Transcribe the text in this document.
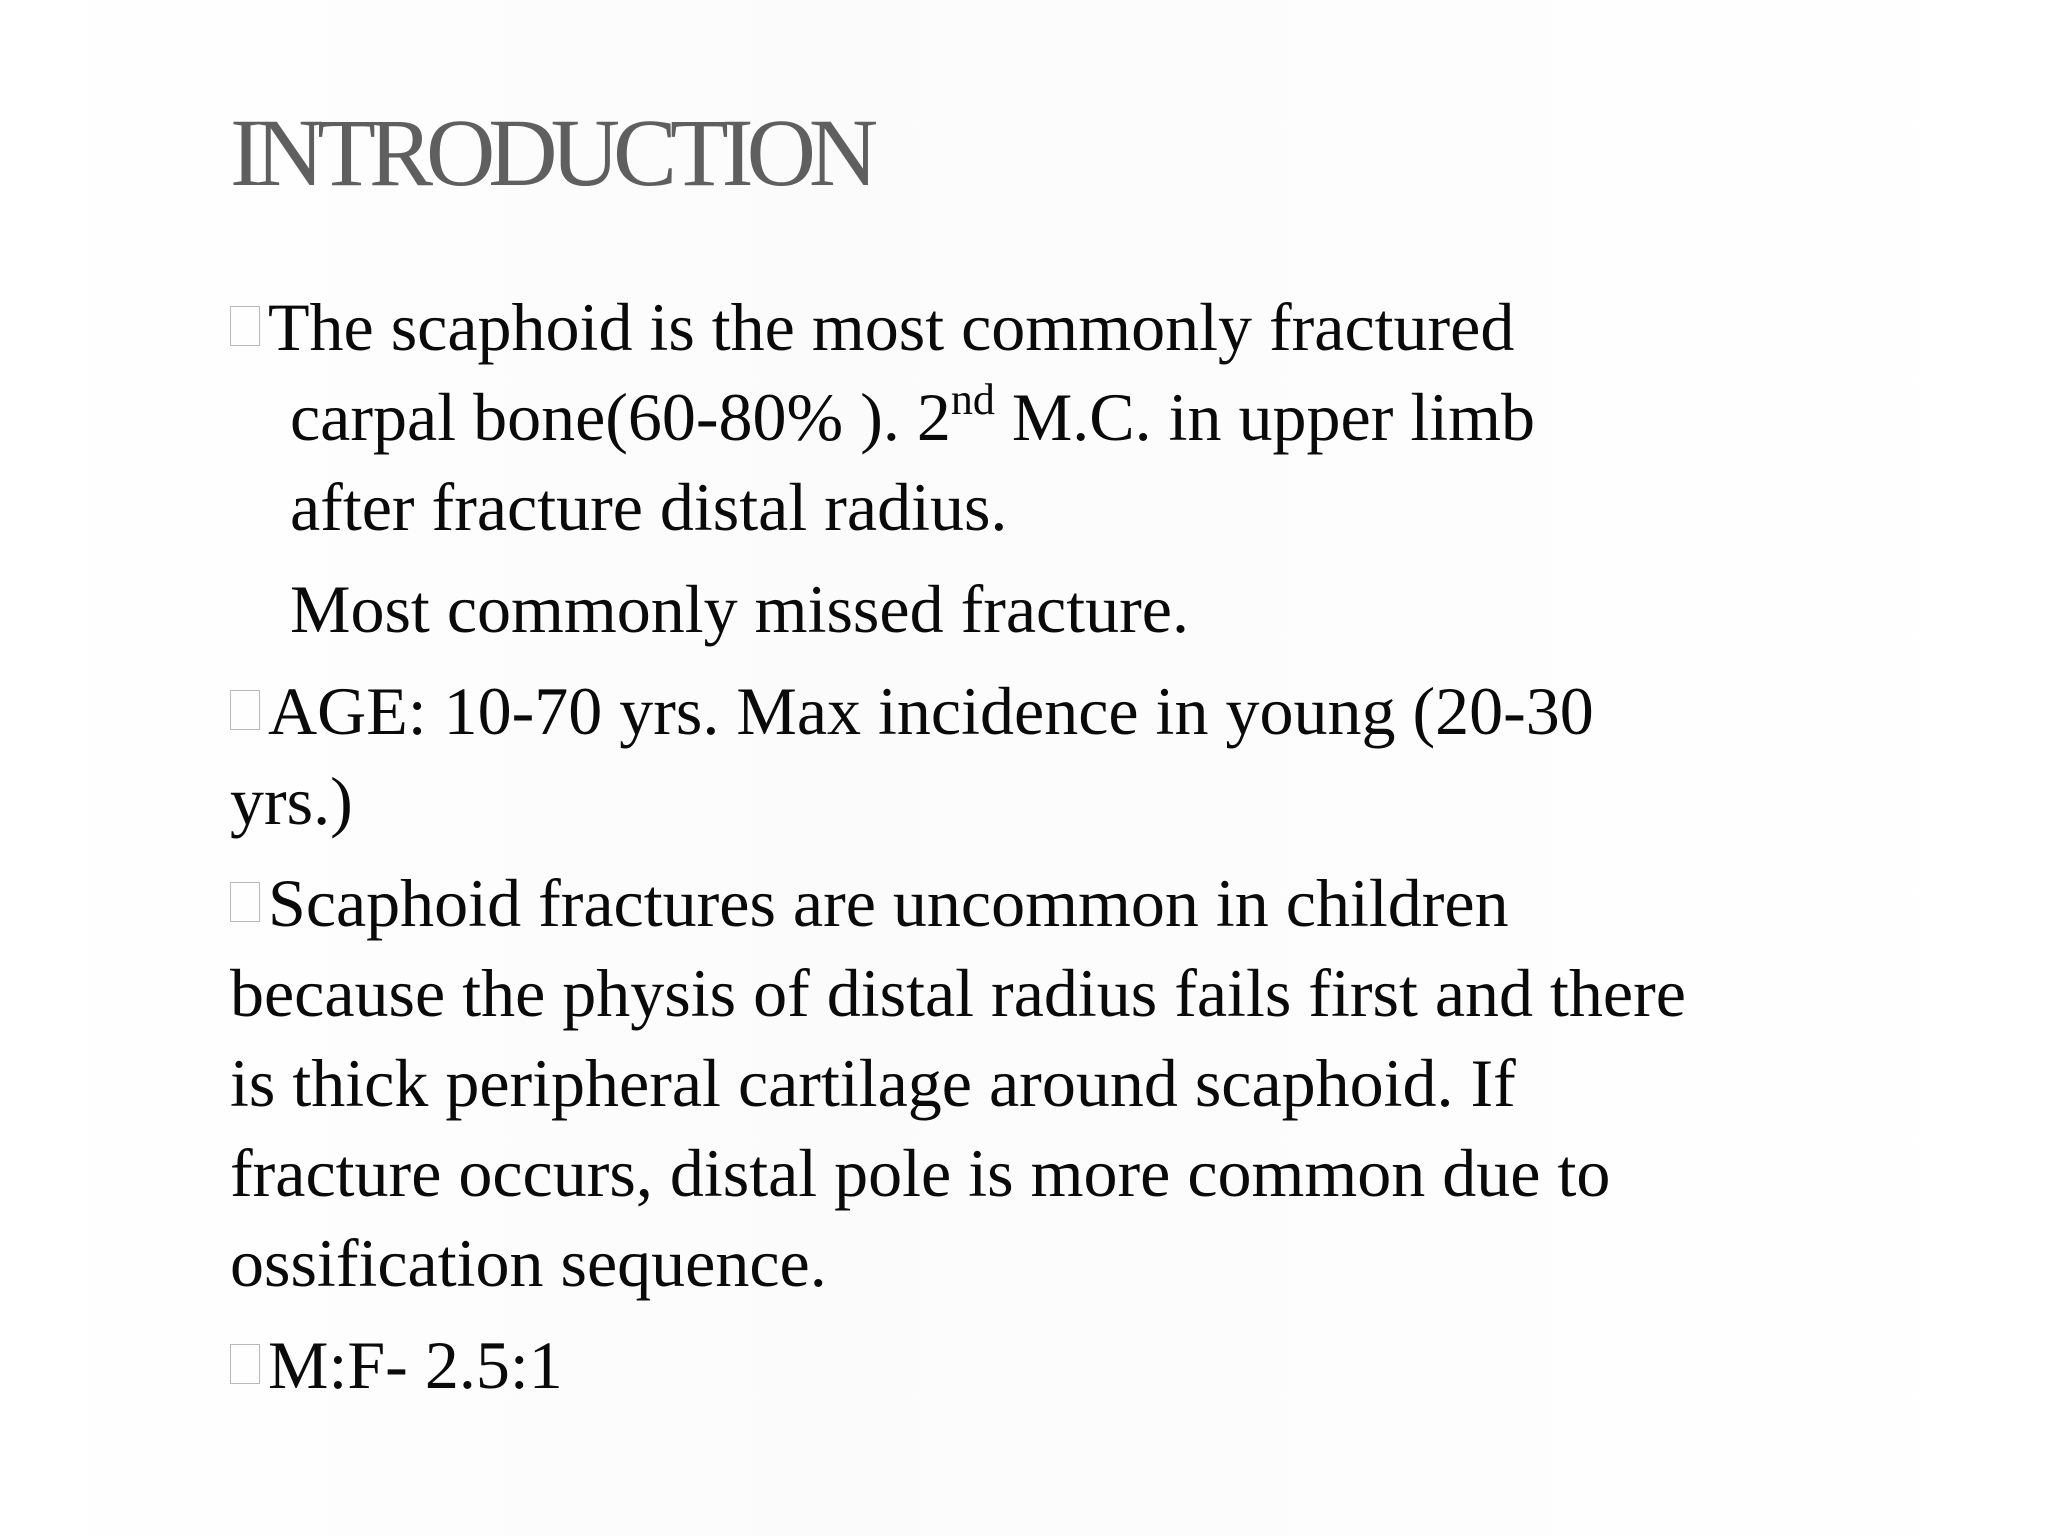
INTRODUCTION

The scaphoid is the most commonly fractured
carpal bone(60-80% ). 2nd M.C. in upper limb
after fracture distal radius.

Most commonly missed fracture.

AGE: 10-70 yrs. Max incidence in young (20-30
yrs.)

Scaphoid fractures are uncommon in children
because the physis of distal radius fails first and there
is thick peripheral cartilage around scaphoid. If
fracture occurs, distal pole is more common due to
ossification sequence.

M:F- 2.5:1
